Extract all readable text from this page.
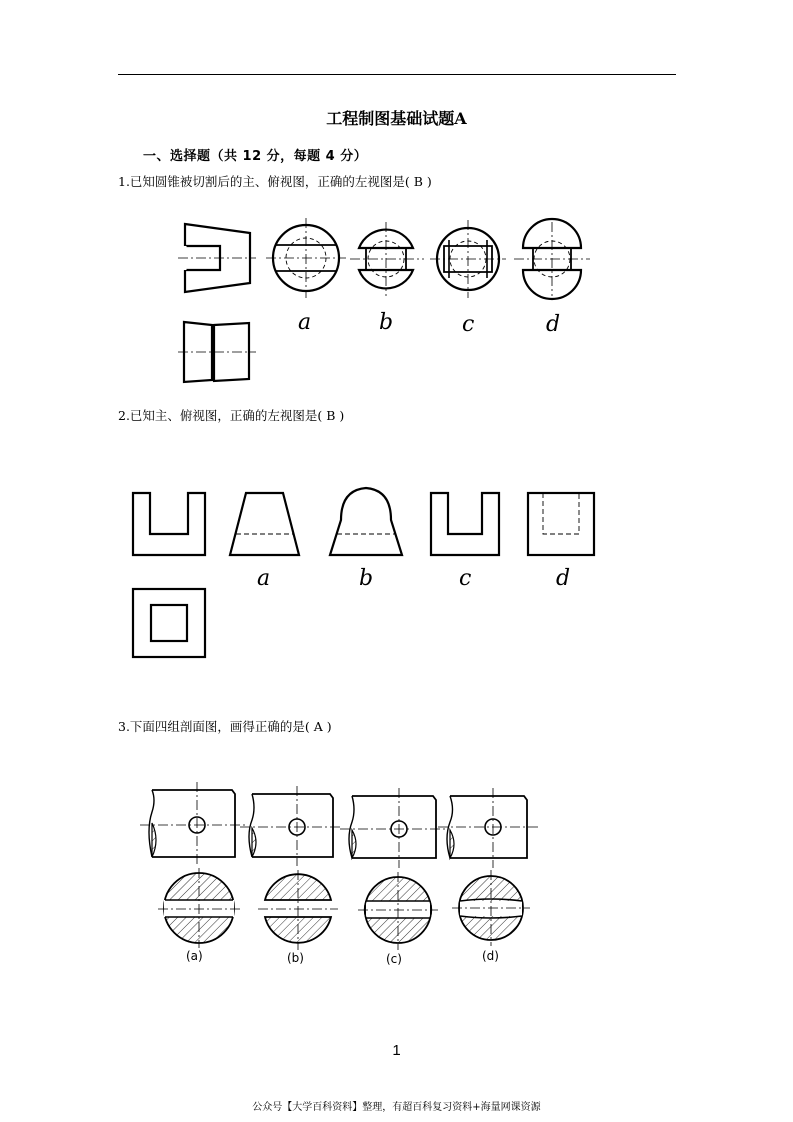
工程制图基础试题A
一、选择题（共 12 分，每题 4 分）
1.已知圆锥被切割后的主、俯视图，正确的左视图是( B )
2.已知主、俯视图，正确的左视图是( B )
3.下面四组剖面图，画得正确的是( A )
a	b	c	d
a	b	c	d
(a)	(b)	(c)	(d)
1
公众号【大学百科资料】整理，有超百科复习资料+海量网课资源
